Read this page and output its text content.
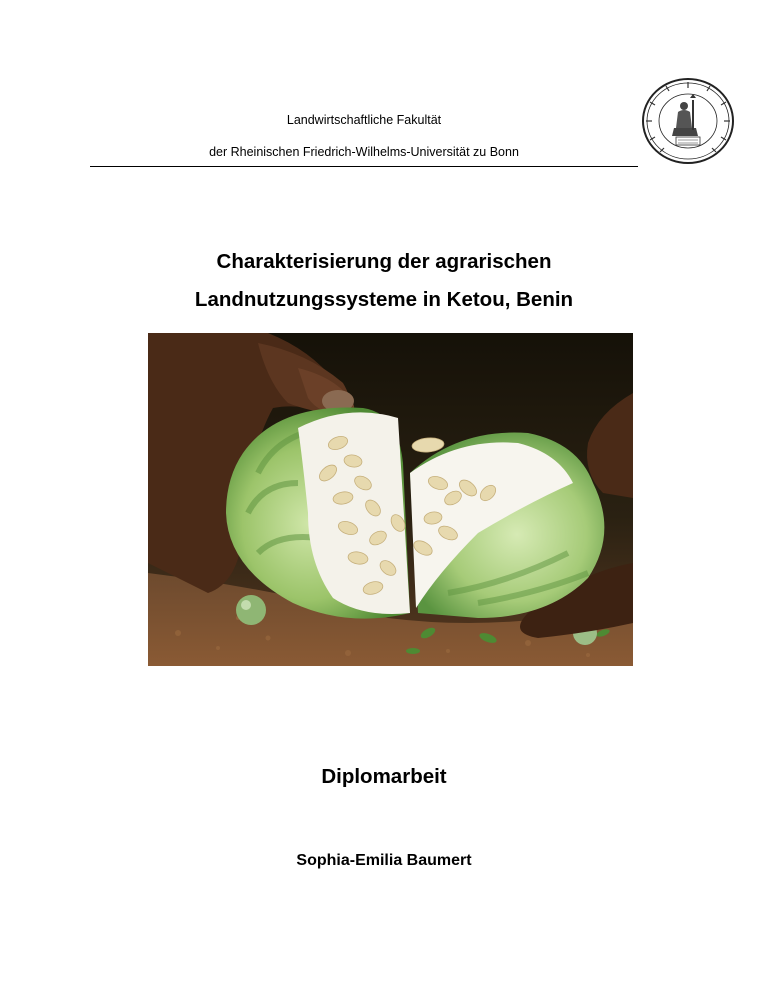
Landwirtschaftliche Fakultät
der Rheinischen Friedrich-Wilhelms-Universität zu Bonn
Charakterisierung der agrarischen
Landnutzungssysteme in Ketou, Benin
Diplomarbeit
Sophia-Emilia Baumert
